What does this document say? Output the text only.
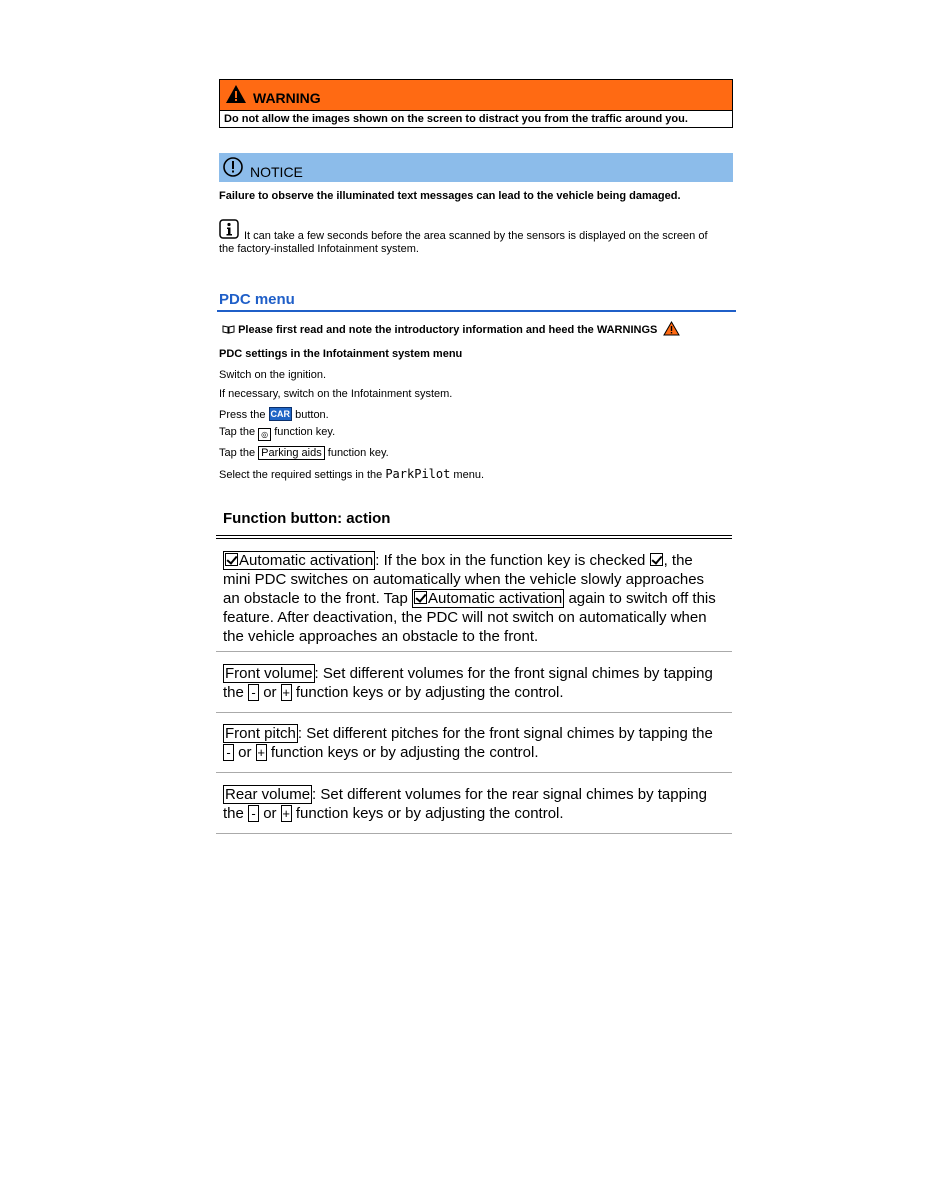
WARNING
Do not allow the images shown on the screen to distract you from the traffic around you.
NOTICE
Failure to observe the illuminated text messages can lead to the vehicle being damaged.
It can take a few seconds before the area scanned by the sensors is displayed on the screen of
the factory-installed Infotainment system.
PDC menu
Please first read and note the introductory information and heed the WARNINGS
PDC settings in the Infotainment system menu
Switch on the ignition.
If necessary, switch on the Infotainment system.
Press the CAR button.
Tap the ◎ function key.
Tap the Parking aids function key.
Select the required settings in the ParkPilot menu.
Function button: action
Automatic activation : If the box in the function key is checked , the
mini PDC switches on automatically when the vehicle slowly approaches
an obstacle to the front. Tap Automatic activation again to switch off this
feature. After deactivation, the PDC will not switch on automatically when
the vehicle approaches an obstacle to the front.
Front volume : Set different volumes for the front signal chimes by tapping
the - or + function keys or by adjusting the control.
Front pitch : Set different pitches for the front signal chimes by tapping the
- or + function keys or by adjusting the control.
Rear volume : Set different volumes for the rear signal chimes by tapping
the - or + function keys or by adjusting the control.
